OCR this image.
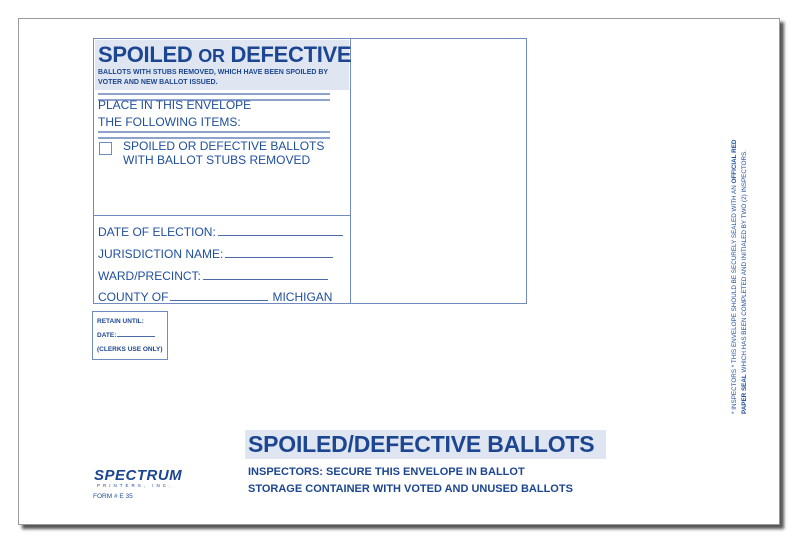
SPOILED OR DEFECTIVE
BALLOTS WITH STUBS REMOVED, WHICH HAVE BEEN SPOILED BY VOTER AND NEW BALLOT ISSUED.
PLACE IN THIS ENVELOPE
THE FOLLOWING ITEMS:
SPOILED OR DEFECTIVE BALLOTS
WITH BALLOT STUBS REMOVED
DATE OF ELECTION:
JURISDICTION NAME:
WARD/PRECINCT:
COUNTY OF	MICHIGAN
RETAIN UNTIL:
DATE:
(CLERKS USE ONLY)
SPOILED/DEFECTIVE BALLOTS
INSPECTORS: SECURE THIS ENVELOPE IN BALLOT
STORAGE CONTAINER WITH VOTED AND UNUSED BALLOTS
SPECTRUM
PRINTERS, INC.
FORM # E 35
* INSPECTORS * THIS ENVELOPE SHOULD BE SECURELY SEALED WITH AN OFFICIAL RED
PAPER SEAL WHICH HAS BEEN COMPLETED AND INITIALED BY TWO (2) INSPECTORS.
